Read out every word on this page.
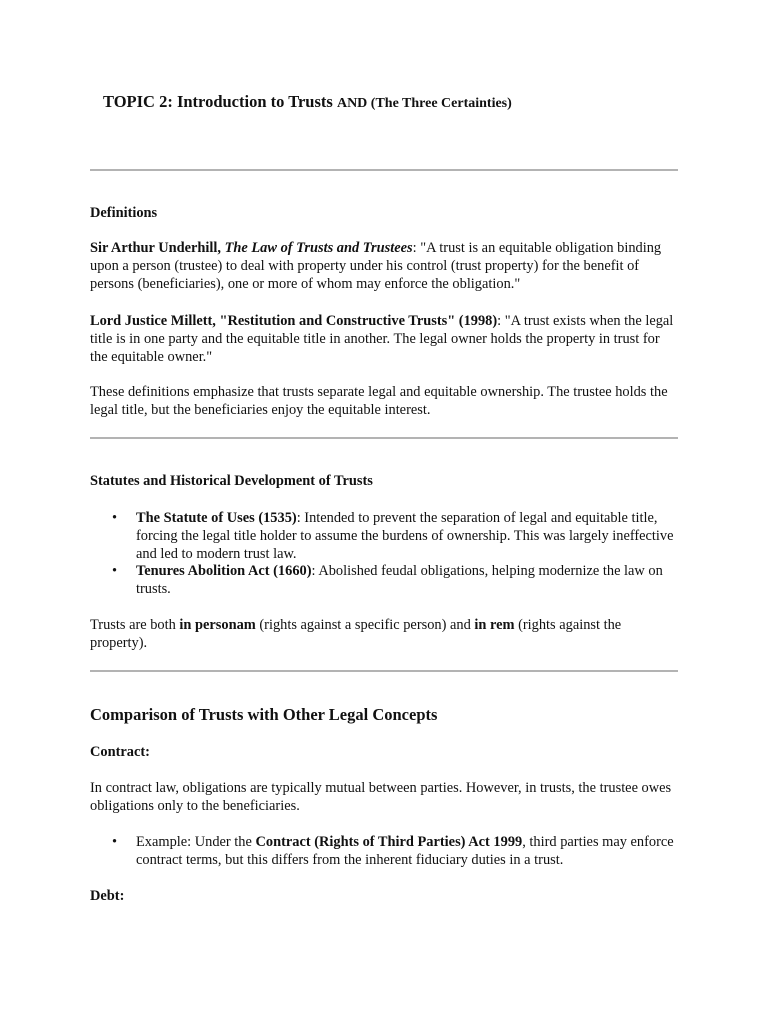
TOPIC 2: Introduction to Trusts AND (The Three Certainties)

Definitions

Sir Arthur Underhill, The Law of Trusts and Trustees: "A trust is an equitable obligation binding upon a person (trustee) to deal with property under his control (trust property) for the benefit of persons (beneficiaries), one or more of whom may enforce the obligation."

Lord Justice Millett, "Restitution and Constructive Trusts" (1998): "A trust exists when the legal title is in one party and the equitable title in another. The legal owner holds the property in trust for the equitable owner."

These definitions emphasize that trusts separate legal and equitable ownership. The trustee holds the legal title, but the beneficiaries enjoy the equitable interest.

Statutes and Historical Development of Trusts

• The Statute of Uses (1535): Intended to prevent the separation of legal and equitable title, forcing the legal title holder to assume the burdens of ownership. This was largely ineffective and led to modern trust law.
• Tenures Abolition Act (1660): Abolished feudal obligations, helping modernize the law on trusts.

Trusts are both in personam (rights against a specific person) and in rem (rights against the property).

Comparison of Trusts with Other Legal Concepts

Contract:

In contract law, obligations are typically mutual between parties. However, in trusts, the trustee owes obligations only to the beneficiaries.

• Example: Under the Contract (Rights of Third Parties) Act 1999, third parties may enforce contract terms, but this differs from the inherent fiduciary duties in a trust.

Debt:
